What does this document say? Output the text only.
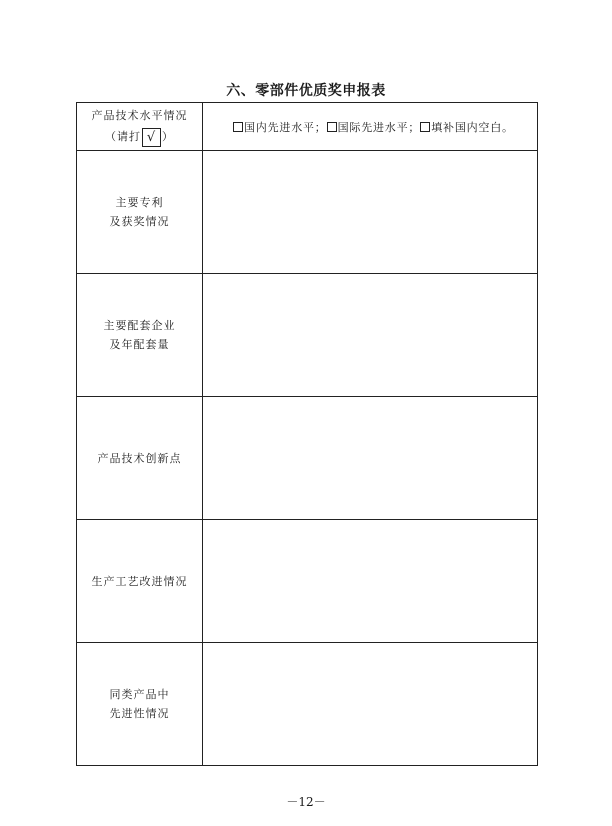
六、零部件优质奖申报表
产品技术水平情况
（请打 √ ）	国内先进水平； 国际先进水平； 填补国内空白。

主要专利
及获奖情况	

主要配套企业
及年配套量	

产品技术创新点	

生产工艺改进情况	

同类产品中
先进性情况	

－12－
